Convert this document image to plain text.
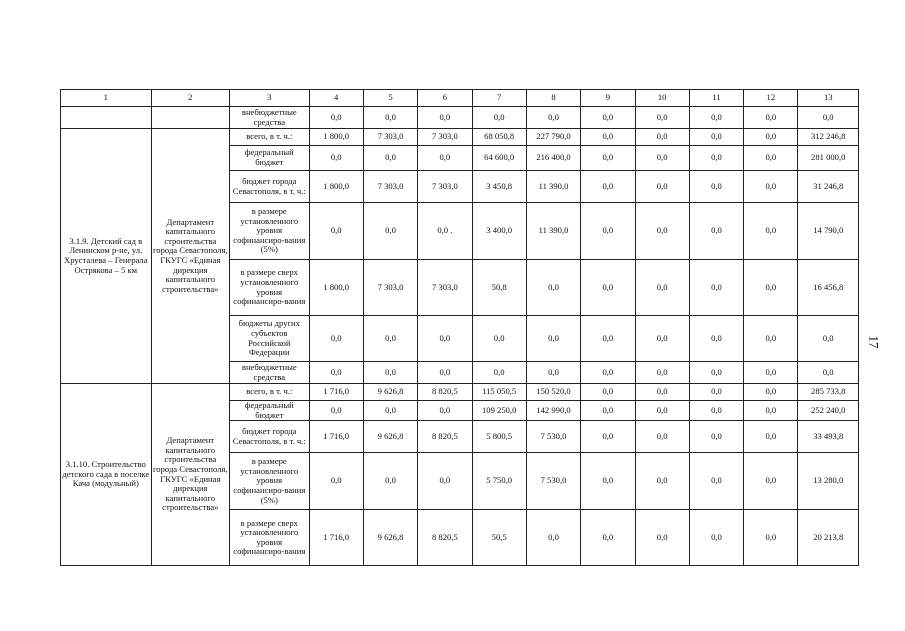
1	2	3	4	5	6	7	8	9	10	11	12	13
		внебюджетные средства	0,0	0,0	0,0	0,0	0,0	0,0	0,0	0,0	0,0	0,0
3.1.9. Детский сад в Ленинском р-не, ул. Хрусталева – Генерала Острякова – 5 км	Департамент капитального строительства города Севастополя, ГКУГС «Единая дирекция капитального строительства»	всего, в т. ч.:	1 800,0	7 303,0	7 303,0	68 050,8	227 790,0	0,0	0,0	0,0	0,0	312 246,8
		федеральный бюджет	0,0	0,0	0,0	64 600,0	216 400,0	0,0	0,0	0,0	0,0	281 000,0
		бюджет города Севастополя, в т. ч.:	1 800,0	7 303,0	7 303,0	3 450,8	11 390,0	0,0	0,0	0,0	0,0	31 246,8
		в размере установленного уровня софинансиро-вания (5%)	0,0	0,0	0,0 .	3 400,0	11 390,0	0,0	0,0	0,0	0,0	14 790,0
		в размере сверх установленного уровня софинансиро-вания	1 800,0	7 303,0	7 303,0	50,8	0,0	0,0	0,0	0,0	0,0	16 456,8
		бюджеты других субъектов Российской Федерации	0,0	0,0	0,0	0,0	0,0	0,0	0,0	0,0	0,0	0,0
		внебюджетные средства	0,0	0,0	0,0	0,0	0,0	0,0	0,0	0,0	0,0	0,0
3.1.10. Строительство детского сада в поселке Кача (модульный)	Департамент капитального строительства города Севастополя, ГКУГС «Единая дирекция капитального строительства»	всего, в т. ч.:	1 716,0	9 626,8	8 820,5	115 050,5	150 520,0	0,0	0,0	0,0	0,0	285 733,8
		федеральный бюджет	0,0	0,0	0,0	109 250,0	142 990,0	0,0	0,0	0,0	0,0	252 240,0
		бюджет города Севастополя, в т. ч.:	1 716,0	9 626,8	8 820,5	5 800,5	7 530,0	0,0	0,0	0,0	0,0	33 493,8
		в размере установленного уровня софинансиро-вания (5%)	0,0	0,0	0,0	5 750,0	7 530,0	0,0	0,0	0,0	0,0	13 280,0
		в размере сверх установленного уровня софинансиро-вания	1 716,0	9 626,8	8 820,5	50,5	0,0	0,0	0,0	0,0	0,0	20 213,8
17
